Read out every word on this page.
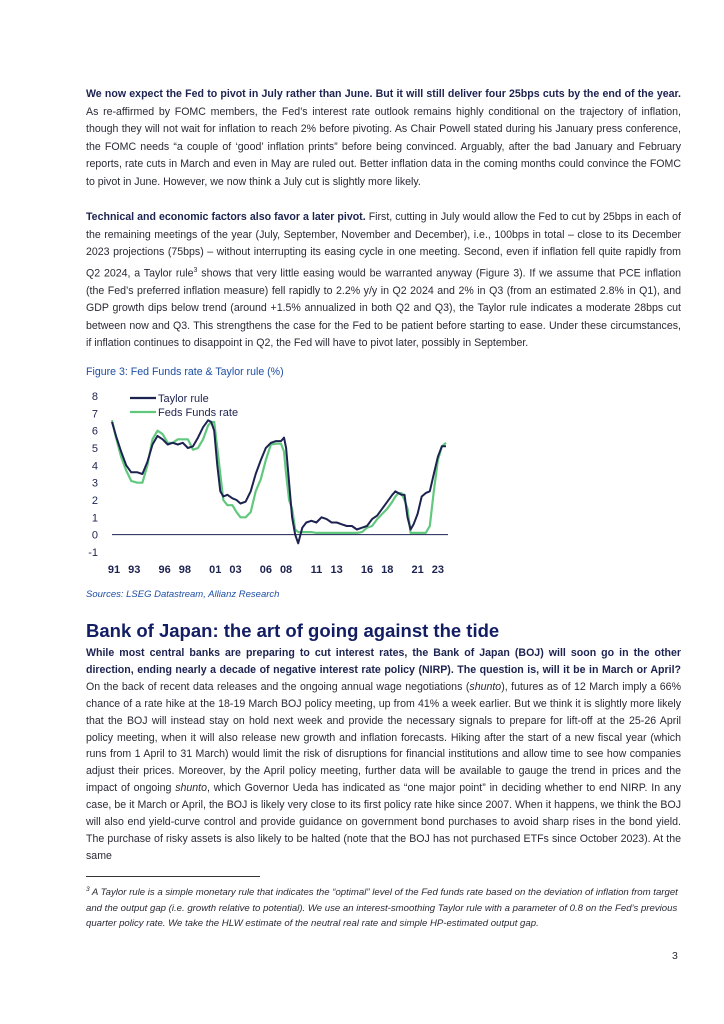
We now expect the Fed to pivot in July rather than June. But it will still deliver four 25bps cuts by the end of the year. As re-affirmed by FOMC members, the Fed’s interest rate outlook remains highly conditional on the trajectory of inflation, though they will not wait for inflation to reach 2% before pivoting. As Chair Powell stated during his January press conference, the FOMC needs “a couple of ‘good’ inflation prints” before being convinced. Arguably, after the bad January and February reports, rate cuts in March and even in May are ruled out. Better inflation data in the coming months could convince the FOMC to pivot in June. However, we now think a July cut is slightly more likely.

Technical and economic factors also favor a later pivot. First, cutting in July would allow the Fed to cut by 25bps in each of the remaining meetings of the year (July, September, November and December), i.e., 100bps in total – close to its December 2023 projections (75bps) – without interrupting its easing cycle in one meeting. Second, even if inflation fell quite rapidly from Q2 2024, a Taylor rule$^3$ shows that very little easing would be warranted anyway (Figure 3). If we assume that PCE inflation (the Fed’s preferred inflation measure) fell rapidly to 2.2% y/y in Q2 2024 and 2% in Q3 (from an estimated 2.8% in Q1), and GDP growth dips below trend (around +1.5% annualized in both Q2 and Q3), the Taylor rule indicates a moderate 28bps cut between now and Q3. This strengthens the case for the Fed to be patient before starting to ease. Under these circumstances, if inflation continues to disappoint in Q2, the Fed will have to pivot later, possibly in September.

Figure 3: Fed Funds rate & Taylor rule (%)
8
7
6
5
4
3
2
1
0
-1
91 93 96 98 01 03 06 08 11 13 16 18 21 23
Taylor rule
Feds Funds rate
Sources: LSEG Datastream, Allianz Research
Bank of Japan: the art of going against the tide

While most central banks are preparing to cut interest rates, the Bank of Japan (BOJ) will soon go in the other direction, ending nearly a decade of negative interest rate policy (NIRP). The question is, will it be in March or April? On the back of recent data releases and the ongoing annual wage negotiations (shunto), futures as of 12 March imply a 66% chance of a rate hike at the 18-19 March BOJ policy meeting, up from 41% a week earlier. But we think it is slightly more likely that the BOJ will instead stay on hold next week and provide the necessary signals to prepare for lift-off at the 25-26 April policy meeting, when it will also release new growth and inflation forecasts. Hiking after the start of a new fiscal year (which runs from 1 April to 31 March) would limit the risk of disruptions for financial institutions and allow time to see how companies adjust their prices. Moreover, by the April policy meeting, further data will be available to gauge the trend in prices and the impact of ongoing shunto, which Governor Ueda has indicated as “one major point” in deciding whether to end NIRP. In any case, be it March or April, the BOJ is likely very close to its first policy rate hike since 2007. When it happens, we think the BOJ will also end yield-curve control and provide guidance on government bond purchases to avoid sharp rises in the bond yield. The purchase of risky assets is also likely to be halted (note that the BOJ has not purchased ETFs since October 2023). At the same

$^3$ A Taylor rule is a simple monetary rule that indicates the “optimal” level of the Fed funds rate based on the deviation of inflation from target and the output gap (i.e. growth relative to potential). We use an interest-smoothing Taylor rule with a parameter of 0.8 on the Fed’s previous quarter policy rate. We take the HLW estimate of the neutral real rate and simple HP-estimated output gap.

3
